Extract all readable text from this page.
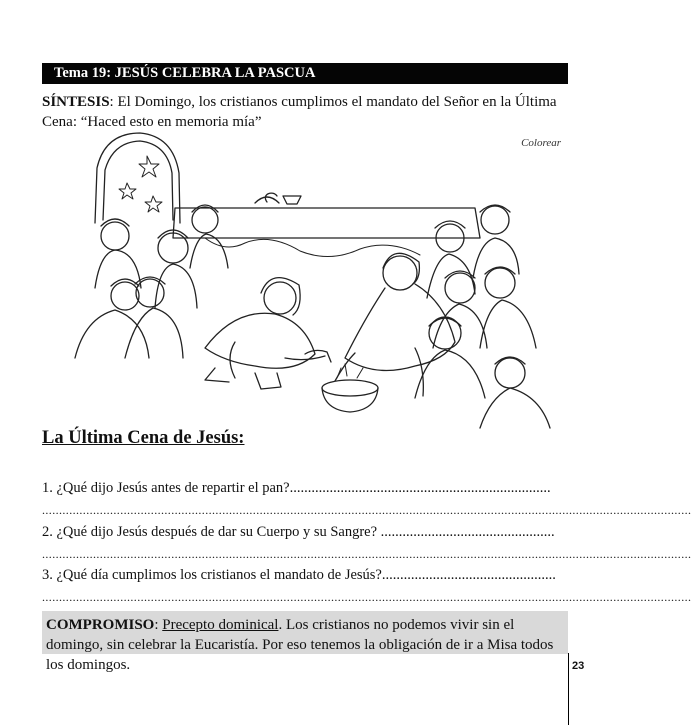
Tema 19: JESÚS CELEBRA LA PASCUA
SÍNTESIS: El Domingo, los cristianos cumplimos el mandato del Señor en la Última Cena: “Haced esto en memoria mía”
Colorear
La Última Cena de Jesús:
1. ¿Qué dijo Jesús antes de repartir el pan?........................................................................
...............................................................................................................................................................................................
2. ¿Qué dijo Jesús después de dar su Cuerpo y su Sangre? ................................................
...............................................................................................................................................................................................
3. ¿Qué día cumplimos los cristianos el mandato de Jesús?................................................
...............................................................................................................................................................................................
COMPROMISO: Precepto dominical. Los cristianos no podemos vivir sin el domingo, sin celebrar la Eucaristía. Por eso tenemos la obligación de ir a Misa todos los domingos.	23
